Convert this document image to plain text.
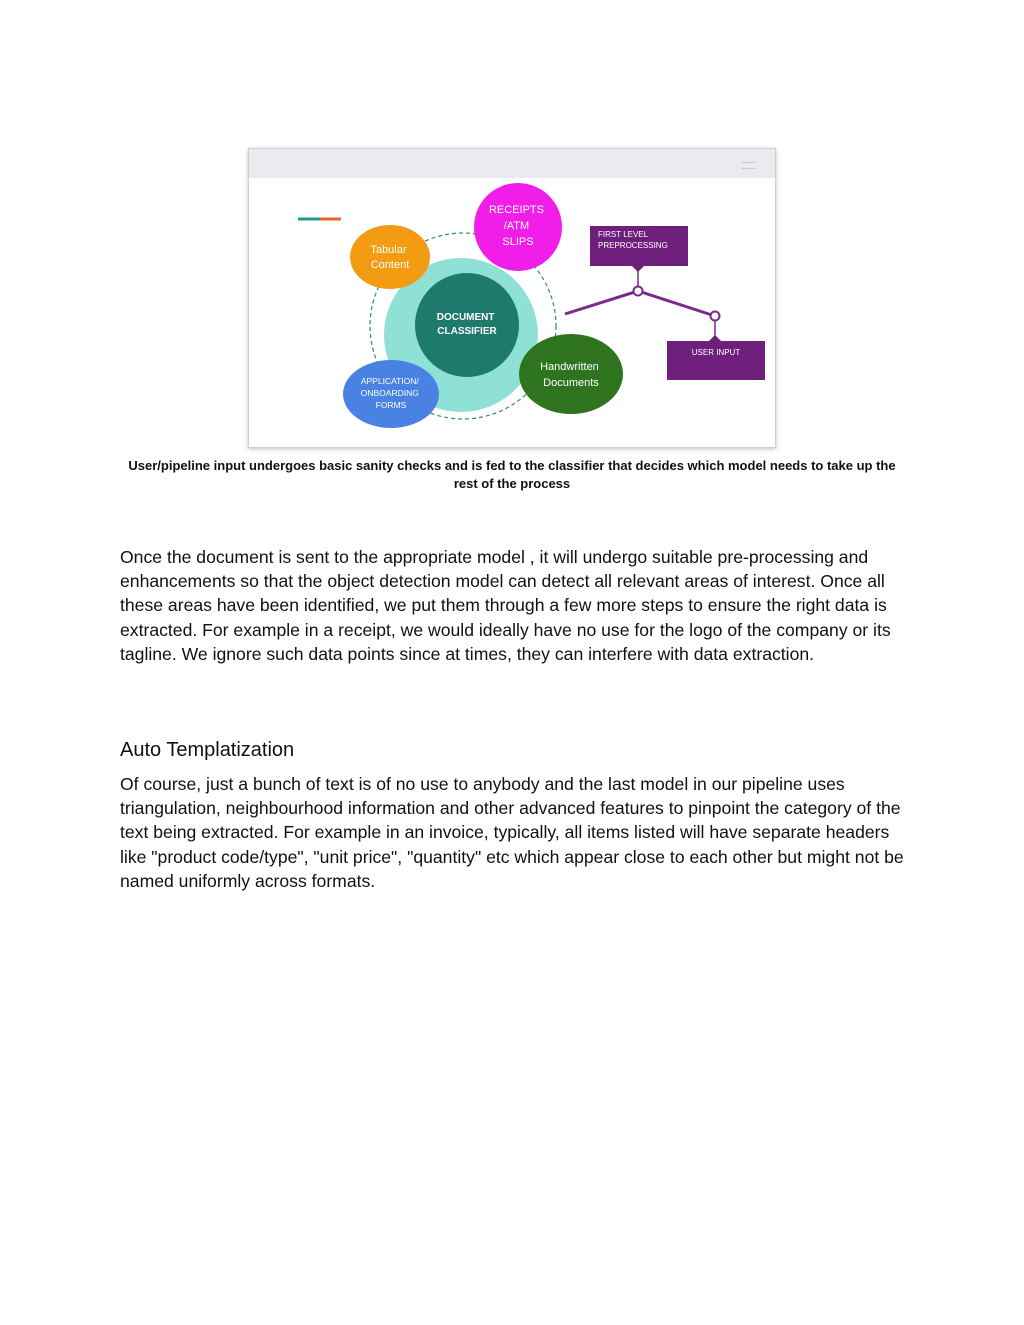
DOCUMENT CLASSIFIER
RECEIPTS /ATM SLIPS
Tabular Content
Handwritten Documents
APPLICATION/ ONBOARDING FORMS
FIRST LEVEL PREPROCESSING
USER INPUT
User/pipeline input undergoes basic sanity checks and is fed to the classifier that decides which model needs to take up the rest of the process

Once the document is sent to the appropriate model , it will undergo suitable pre-processing and enhancements so that the object detection model can detect all relevant areas of interest. Once all these areas have been identified, we put them through a few more steps to ensure the right data is extracted. For example in a receipt, we would ideally have no use for the logo of the company or its tagline. We ignore such data points since at times, they can interfere with data extraction.

Auto Templatization

Of course, just a bunch of text is of no use to anybody and the last model in our pipeline uses triangulation, neighbourhood information and other advanced features to pinpoint the category of the text being extracted. For example in an invoice, typically, all items listed will have separate headers like "product code/type", "unit price", "quantity" etc which appear close to each other but might not be named uniformly across formats.
